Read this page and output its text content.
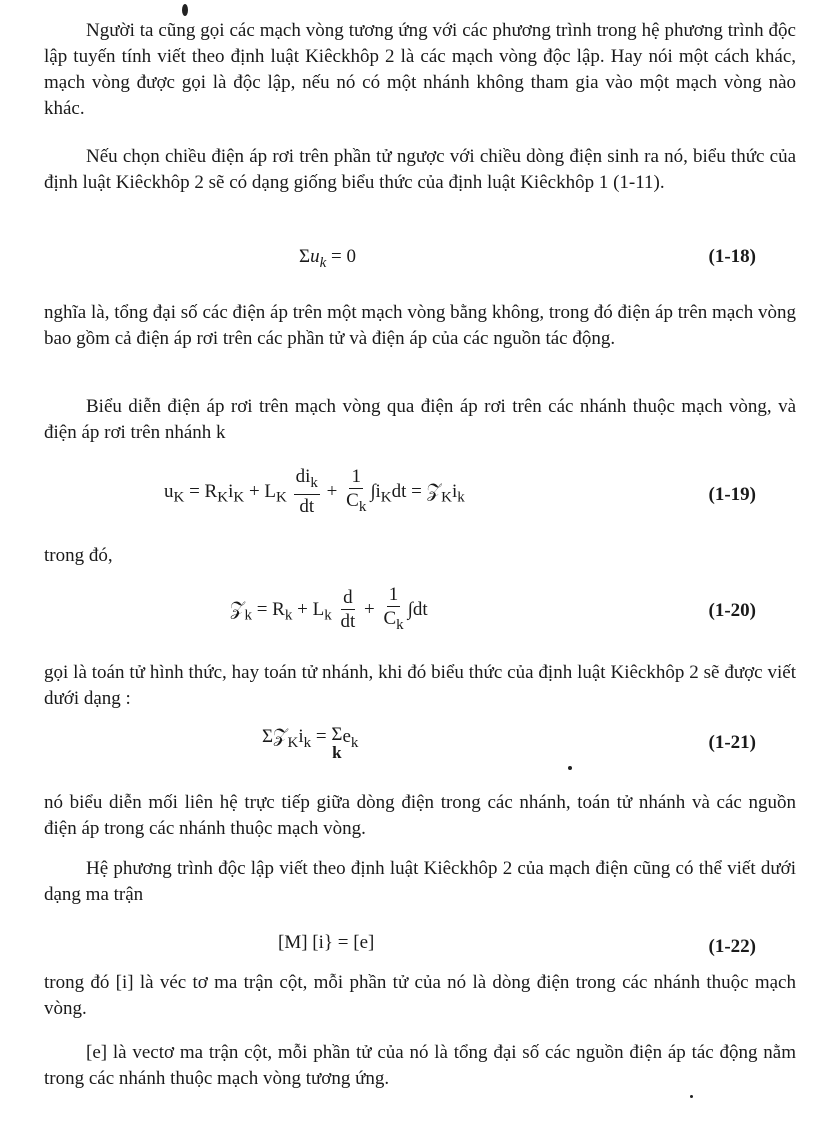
Người ta cũng gọi các mạch vòng tương ứng với các phương trình trong hệ phương trình độc lập tuyến tính viết theo định luật Kiêckhôp 2 là các mạch vòng độc lập. Hay nói một cách khác, mạch vòng được gọi là độc lập, nếu nó có một nhánh không tham gia vào một mạch vòng nào khác.

Nếu chọn chiều điện áp rơi trên phần tử ngược với chiều dòng điện sinh ra nó, biểu thức của định luật Kiêckhôp 2 sẽ có dạng giống biểu thức của định luật Kiêckhôp 1 (1-11).

$\Sigma u_k = 0$	(1-18)

nghĩa là, tổng đại số các điện áp trên một mạch vòng bằng không, trong đó điện áp trên mạch vòng bao gồm cả điện áp rơi trên các phần tử và điện áp của các nguồn tác động.

Biểu diễn điện áp rơi trên mạch vòng qua điện áp rơi trên các nhánh thuộc mạch vòng, và điện áp rơi trên nhánh k

$u_K = R_Ki_K + L_K \frac{di_k}{dt} + \frac{1}{C_k} \int i_Kdt$ = $𝒵_Ki_k$	(1-19)

trong đó,

𝒵$_k$ = $R_k + L_k \frac{d}{dt} + \frac{1}{C_k} \int dt$	(1-20)

gọi là toán tử hình thức, hay toán tử nhánh, khi đó biểu thức của định luật Kiêckhôp 2 sẽ được viết dưới dạng :

$\Sigma 𝒵_Ki_k = \Sigma$
$ke_k$	(1-21)

nó biểu diễn mối liên hệ trực tiếp giữa dòng điện trong các nhánh, toán tử nhánh và các nguồn điện áp trong các nhánh thuộc mạch vòng.

Hệ phương trình độc lập viết theo định luật Kiêckhôp 2 của mạch điện cũng có thể viết dưới dạng ma trận

[M] [i} = [e]	(1-22)

trong đó [i] là véc tơ ma trận cột, mỗi phần tử của nó là dòng điện trong các nhánh thuộc mạch vòng.

[e] là vectơ ma trận cột, mỗi phần tử của nó là tổng đại số các nguồn điện áp tác động nằm trong các nhánh thuộc mạch vòng tương ứng.
